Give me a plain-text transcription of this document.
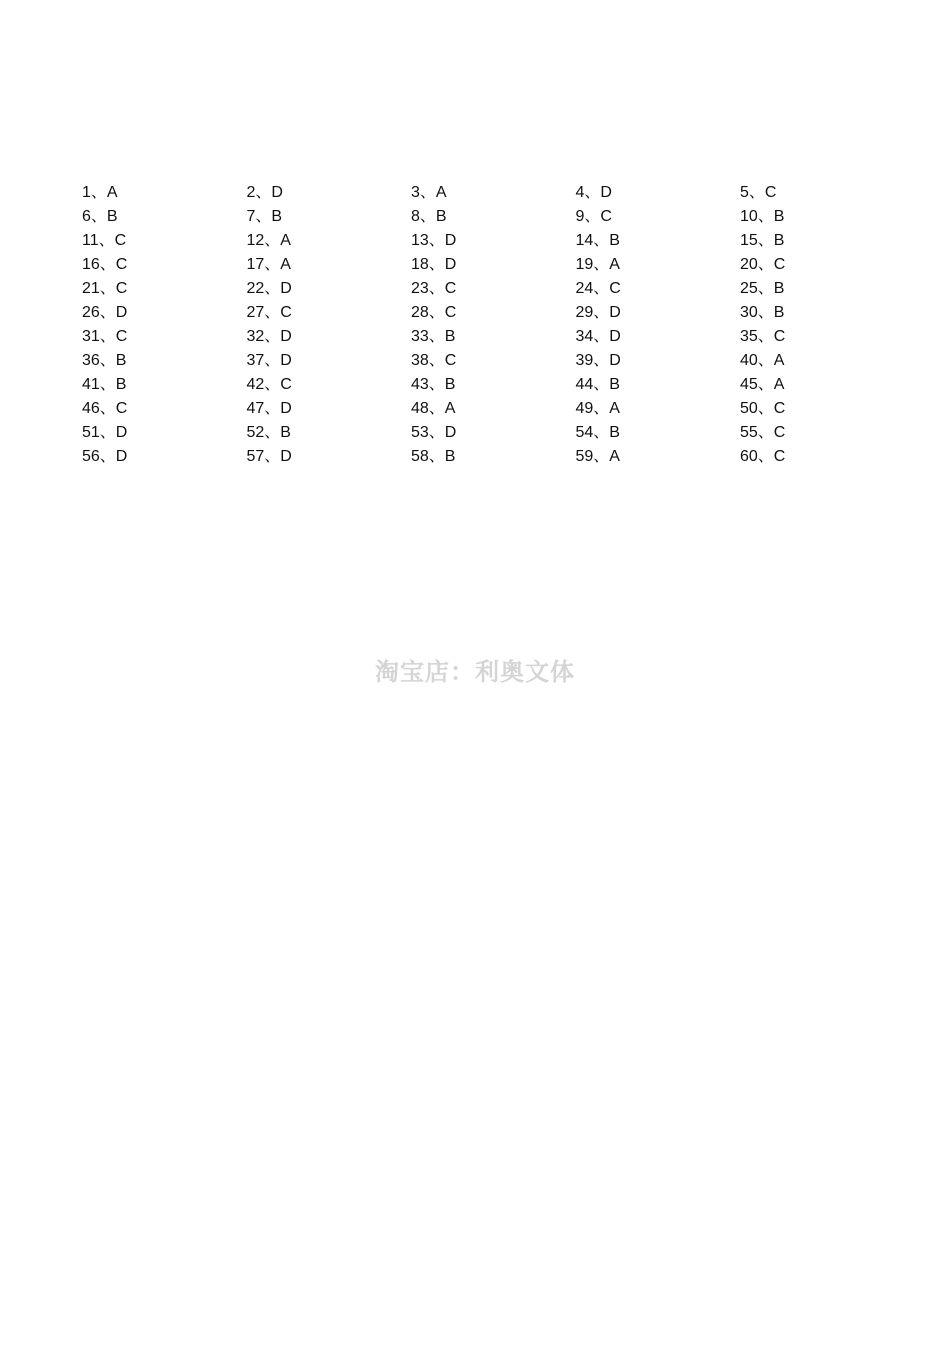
1、A	2、D	3、A	4、D	5、C
6、B	7、B	8、B	9、C	10、B
11、C	12、A	13、D	14、B	15、B
16、C	17、A	18、D	19、A	20、C
21、C	22、D	23、C	24、C	25、B
26、D	27、C	28、C	29、D	30、B
31、C	32、D	33、B	34、D	35、C
36、B	37、D	38、C	39、D	40、A
41、B	42、C	43、B	44、B	45、A
46、C	47、D	48、A	49、A	50、C
51、D	52、B	53、D	54、B	55、C
56、D	57、D	58、B	59、A	60、C
淘宝店：利奥文体
